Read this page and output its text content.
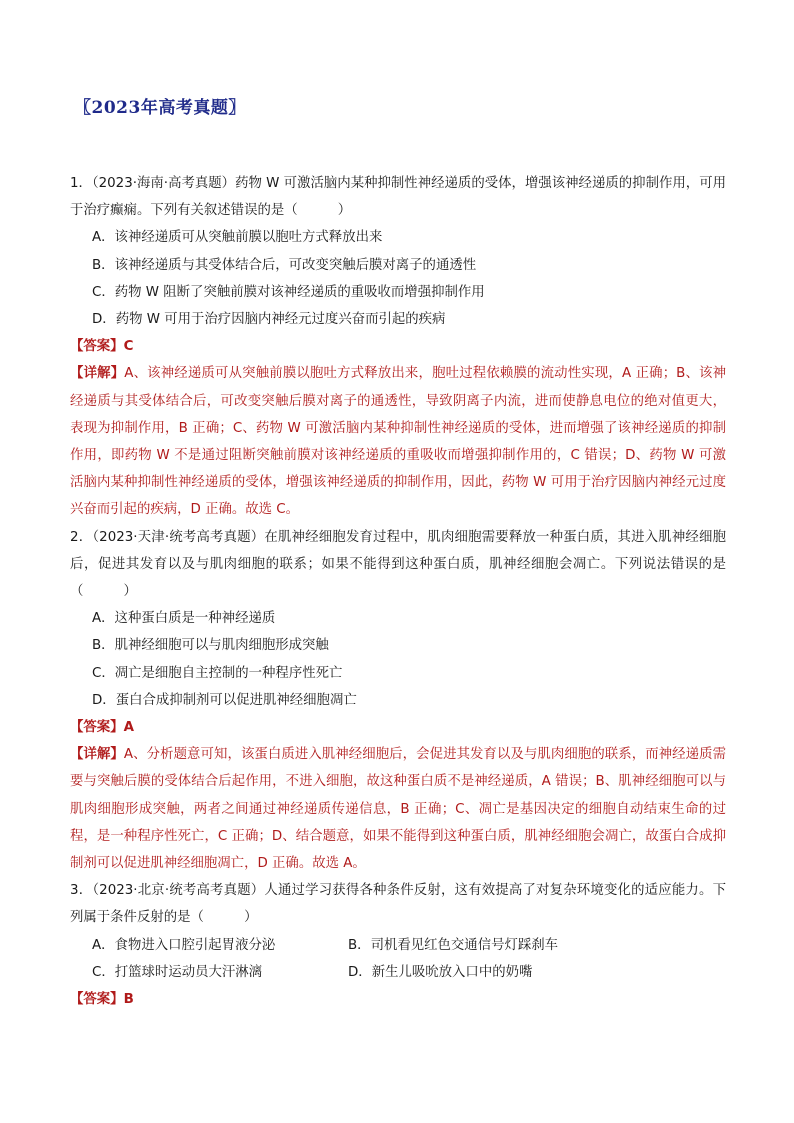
〖2023年高考真题〗

1．（2023·海南·高考真题）药物 W 可激活脑内某种抑制性神经递质的受体，增强该神经递质的抑制作用，可用于治疗癫痫。下列有关叙述错误的是（　　　）

A．该神经递质可从突触前膜以胞吐方式释放出来

B．该神经递质与其受体结合后，可改变突触后膜对离子的通透性

C．药物 W 阻断了突触前膜对该神经递质的重吸收而增强抑制作用

D．药物 W 可用于治疗因脑内神经元过度兴奋而引起的疾病

【答案】C

【详解】A、该神经递质可从突触前膜以胞吐方式释放出来，胞吐过程依赖膜的流动性实现，A 正确；B、该神经递质与其受体结合后，可改变突触后膜对离子的通透性，导致阴离子内流，进而使静息电位的绝对值更大，表现为抑制作用，B 正确；C、药物 W 可激活脑内某种抑制性神经递质的受体，进而增强了该神经递质的抑制作用，即药物 W 不是通过阻断突触前膜对该神经递质的重吸收而增强抑制作用的，C 错误；D、药物 W 可激活脑内某种抑制性神经递质的受体，增强该神经递质的抑制作用，因此，药物 W 可用于治疗因脑内神经元过度兴奋而引起的疾病，D 正确。故选 C。

2．（2023·天津·统考高考真题）在肌神经细胞发育过程中，肌肉细胞需要释放一种蛋白质，其进入肌神经细胞后，促进其发育以及与肌肉细胞的联系；如果不能得到这种蛋白质，肌神经细胞会凋亡。下列说法错误的是（　　　）

A．这种蛋白质是一种神经递质

B．肌神经细胞可以与肌肉细胞形成突触

C．凋亡是细胞自主控制的一种程序性死亡

D．蛋白合成抑制剂可以促进肌神经细胞凋亡

【答案】A

【详解】A、分析题意可知，该蛋白质进入肌神经细胞后，会促进其发育以及与肌肉细胞的联系，而神经递质需要与突触后膜的受体结合后起作用，不进入细胞，故这种蛋白质不是神经递质，A 错误；B、肌神经细胞可以与肌肉细胞形成突触，两者之间通过神经递质传递信息，B 正确；C、凋亡是基因决定的细胞自动结束生命的过程，是一种程序性死亡，C 正确；D、结合题意，如果不能得到这种蛋白质，肌神经细胞会凋亡，故蛋白合成抑制剂可以促进肌神经细胞凋亡，D 正确。故选 A。

3．（2023·北京·统考高考真题）人通过学习获得各种条件反射，这有效提高了对复杂环境变化的适应能力。下列属于条件反射的是（　　　）

A．食物进入口腔引起胃液分泌	B．司机看见红色交通信号灯踩刹车
C．打篮球时运动员大汗淋漓	D．新生儿吸吮放入口中的奶嘴

【答案】B
